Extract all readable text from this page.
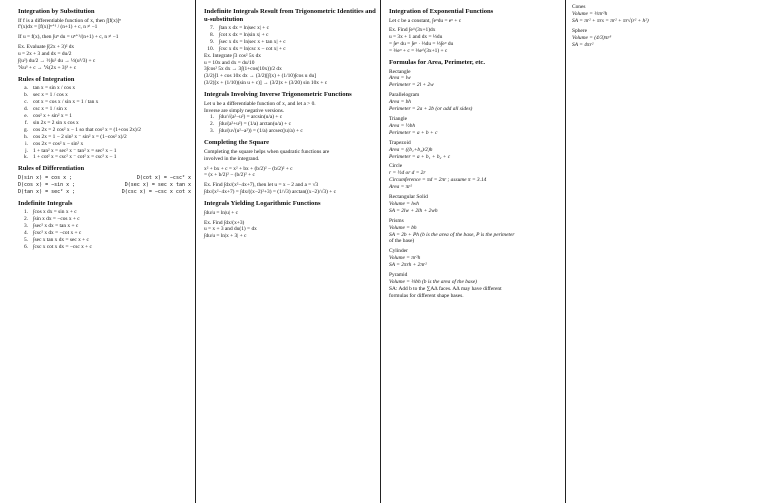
Integration by Substitution
If f is a differentiable function of x, then ∫[f(x)]ⁿ
f′(x)dx = [f(x)]ⁿ⁺¹ / (n+1) + c, n ≠ −1
If u = f(x), then ∫uⁿ du = uⁿ⁺¹/(n+1) + c, n ≠ −1
Ex. Evaluate ∫(2x + 3)² dx
u = 2x + 3 and dx = du/2
∫(u²) du/2 → ½∫u² du → ½(u³/3) + c
⅙u³ + c → ⅙(2x + 3)³ + c
Rules of Integration
a. tan x = sin x / cos x
b. sec x = 1 / cos x
c. cot x = cos x / sin x = 1 / tan x
d. csc x = 1 / sin x
e. cos² x + sin² x = 1
f. sin 2x = 2 sin x cos x
g. cos 2x = 2 cos² x − 1 so that cos² x = (1+cos 2x)/2
h. cos 2x = 1 − 2 sin² x ⁻ sin² x = (1−cos² x)/2
i. cos 2x = cos² x − sin² x
j. 1 + tan² x = sec² x ⁻ tan² x = sec² x − 1
k. 1 + cot² x = csc² x ⁻ cot² x = csc² x − 1
Rules of Differentiation
D(sin x) = cos x ;	D(cot x) = −csc² x
D(cos x) = −sin x ;	D(sec x) = sec x tan x
D(tan x) = sec² x ;	D(csc x) = −csc x cot x
Indefinite Integrals
1. ∫cos x dx = sin x + c
2. ∫sin x dx = −cos x + c
3. ∫sec² x dx = tan x + c
4. ∫csc² x dx = −cot x + c
5. ∫sec x tan x dx = sec x + c
6. ∫csc x cot x dx = −csc x + c
Indefinite Integrals Result from Trigonometric Identities and u-substitution
7. ∫tan x dx = ln|sec x| + c
8. ∫cot x dx = ln|sin x| + c
9. ∫sec x dx = ln|sec x + tan x| + c
10. ∫csc x dx = ln|csc x − cot x| + c
Ex. Integrate ∫3 cos² 5x dx
u = 10x and dx = du/10
3∫cos² 5x dx → 3∫(1+cos(10x))/2 dx
(3/2)∫1 + cos 10x dx → (3/2)[∫(x) + (1/10)∫cos u du]
(3/2)[x + (1/10)(sin u + c)] → (3/2)x + (3/20) sin 10x + c
Integrals Involving Inverse Trigonometric Functions
Let u be a differentiable function of x, and let a > 0.
Inverse are simply negative versions.
1. ∫du/√(a²−u²) = arcsin(u/a) + c
2. ∫du/(a²+u²) = (1/a) arctan(u/a) + c
3. ∫du/(u√(u²−a²)) = (1/a) arcsec(|u|/a) + c
Completing the Square
Completing the square helps when quadratic functions are
involved in the integrand.
x² + bx + c = x² + bx + (b/2)² − (b/2)² + c
= (x + b/2)² − (b/2)² + c
Ex. Find ∫dx/(x²−4x+7), then let u = x − 2 and a = √3
∫dx/(x²−4x+7) = ∫dx/((x−2)²+3) = (1/√3) arctan((x−2)/√3) + c
Integrals Yielding Logarithmic Functions
∫du/u = ln|u| + c
Ex. Find ∫dx/(x+3)
u = x + 3 and du(1) = dx
∫du/u = ln|x + 3| + c
Integration of Exponential Functions
Let c be a constant, ∫eᵘdu = eᵘ + c
Ex. Find ∫e^(3x+1)dx
u = 3x + 1 and dx = ⅓du
= ∫eᵘ du = ∫eᵘ · ⅓du = ⅓∫eᵘ du
= ⅓eᵘ + c = ⅓e^(3x+1) + c
Formulas for Area, Perimeter, etc.
Rectangle
Area = lw
Perimeter = 2l + 2w
Parallelogram
Area = bh
Perimeter = 2a + 2b (or add all sides)
Triangle
Area = ½bh
Perimeter = a + b + c
Trapezoid
Area = ((b₁+b₂)/2)h
Perimeter = a + b₁ + b₂ + c
Circle
r = ½d or d = 2r
Circumference = πd = 2πr ; assume π = 3.14
Area = πr²
Rectangular Solid
Volume = lwh
SA = 2lw + 2lh + 2wh
Prisms
Volume = bh
SA = 2b + Ph (b is the area of the base, P is the perimeter
of the base)
Cylinder
Volume = πr²h
SA = 2πrh + 2πr²
Pyramid
Volume = ⅓bh (b is the area of the base)
SA: Add b to the ∑A∆ faces. A∆ may have different
formulas for different shape bases.
Cones
Volume = ⅓πr²h
SA = πr² + πrs = πr² + πr√(r² + h²)
Sphere
Volume = (4/3)πr³
SA = 4πr²
